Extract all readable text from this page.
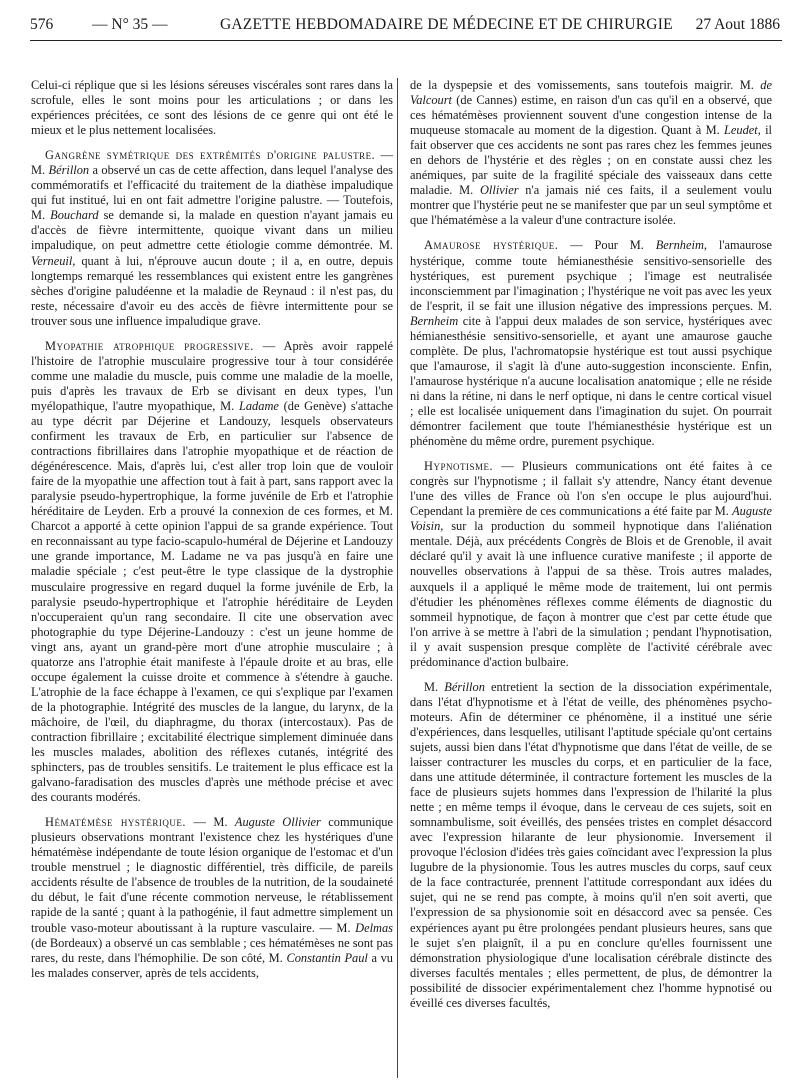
576	— N° 35 —	GAZETTE HEBDOMADAIRE DE MÉDECINE ET DE CHIRURGIE 27 Aout 1886

Celui-ci réplique que si les lésions séreuses viscérales sont rares dans la scrofule, elles le sont moins pour les articulations ; or dans les expériences précitées, ce sont des lésions de ce genre qui ont été le mieux et le plus nettement localisées.

Gangrène symétrique des extrémités d'origine palustre. — M. Bérillon a observé un cas de cette affection, dans lequel l'analyse des commémoratifs et l'efficacité du traitement de la diathèse impaludique qui fut institué, lui en ont fait admettre l'origine palustre. — Toutefois, M. Bouchard se demande si, la malade en question n'ayant jamais eu d'accès de fièvre intermittente, quoique vivant dans un milieu impaludique, on peut admettre cette étiologie comme démontrée. M. Verneuil, quant à lui, n'éprouve aucun doute ; il a, en outre, depuis longtemps remarqué les ressemblances qui existent entre les gangrènes sèches d'origine paludéenne et la maladie de Reynaud : il n'est pas, du reste, nécessaire d'avoir eu des accès de fièvre intermittente pour se trouver sous une influence impaludique grave.

Myopathie atrophique progressive. — Après avoir rappelé l'histoire de l'atrophie musculaire progressive tour à tour considérée comme une maladie du muscle, puis comme une maladie de la moelle, puis d'après les travaux de Erb se divisant en deux types, l'un myélopathique, l'autre myopathique, M. Ladame (de Genève) s'attache au type décrit par Déjerine et Landouzy, lesquels observateurs confirment les travaux de Erb, en particulier sur l'absence de contractions fibrillaires dans l'atrophie myopathique et de réaction de dégénérescence. Mais, d'après lui, c'est aller trop loin que de vouloir faire de la myopathie une affection tout à fait à part, sans rapport avec la paralysie pseudo-hypertrophique, la forme juvénile de Erb et l'atrophie héréditaire de Leyden. Erb a prouvé la connexion de ces formes, et M. Charcot a apporté à cette opinion l'appui de sa grande expérience. Tout en reconnaissant au type facio-scapulo-huméral de Déjerine et Landouzy une grande importance, M. Ladame ne va pas jusqu'à en faire une maladie spéciale ; c'est peut-être le type classique de la dystrophie musculaire progressive en regard duquel la forme juvénile de Erb, la paralysie pseudo-hypertrophique et l'atrophie héréditaire de Leyden n'occuperaient qu'un rang secondaire. Il cite une observation avec photographie du type Déjerine-Landouzy : c'est un jeune homme de vingt ans, ayant un grand-père mort d'une atrophie musculaire ; à quatorze ans l'atrophie était manifeste à l'épaule droite et au bras, elle occupe également la cuisse droite et commence à s'étendre à gauche. L'atrophie de la face échappe à l'examen, ce qui s'explique par l'examen de la photographie. Intégrité des muscles de la langue, du larynx, de la mâchoire, de l'œil, du diaphragme, du thorax (intercostaux). Pas de contraction fibrillaire ; excitabilité électrique simplement diminuée dans les muscles malades, abolition des réflexes cutanés, intégrité des sphincters, pas de troubles sensitifs. Le traitement le plus efficace est la galvano-faradisation des muscles d'après une méthode précise et avec des courants modérés.

Hématémèse hystérique. — M. Auguste Ollivier communique plusieurs observations montrant l'existence chez les hystériques d'une hématémèse indépendante de toute lésion organique de l'estomac et d'un trouble menstruel ; le diagnostic différentiel, très difficile, de pareils accidents résulte de l'absence de troubles de la nutrition, de la soudaineté du début, le fait d'une récente commotion nerveuse, le rétablissement rapide de la santé ; quant à la pathogénie, il faut admettre simplement un trouble vaso-moteur aboutissant à la rupture vasculaire. — M. Delmas (de Bordeaux) a observé un cas semblable ; ces hématémèses ne sont pas rares, du reste, dans l'hémophilie. De son côté, M. Constantin Paul a vu les malades conserver, après de tels accidents,

de la dyspepsie et des vomissements, sans toutefois maigrir. M. de Valcourt (de Cannes) estime, en raison d'un cas qu'il en a observé, que ces hématémèses proviennent souvent d'une congestion intense de la muqueuse stomacale au moment de la digestion. Quant à M. Leudet, il fait observer que ces accidents ne sont pas rares chez les femmes jeunes en dehors de l'hystérie et des règles ; on en constate aussi chez les anémiques, par suite de la fragilité spéciale des vaisseaux dans cette maladie. M. Ollivier n'a jamais nié ces faits, il a seulement voulu montrer que l'hystérie peut ne se manifester que par un seul symptôme et que l'hématémèse a la valeur d'une contracture isolée.

Amaurose hystérique. — Pour M. Bernheim, l'amaurose hystérique, comme toute hémianesthésie sensitivo-sensorielle des hystériques, est purement psychique ; l'image est neutralisée inconsciemment par l'imagination ; l'hystérique ne voit pas avec les yeux de l'esprit, il se fait une illusion négative des impressions perçues. M. Bernheim cite à l'appui deux malades de son service, hystériques avec hémianesthésie sensitivo-sensorielle, et ayant une amaurose gauche complète. De plus, l'achromatopsie hystérique est tout aussi psychique que l'amaurose, il s'agit là d'une auto-suggestion inconsciente. Enfin, l'amaurose hystérique n'a aucune localisation anatomique ; elle ne réside ni dans la rétine, ni dans le nerf optique, ni dans le centre cortical visuel ; elle est localisée uniquement dans l'imagination du sujet. On pourrait démontrer facilement que toute l'hémianesthésie hystérique est un phénomène du même ordre, purement psychique.

Hypnotisme. — Plusieurs communications ont été faites à ce congrès sur l'hypnotisme ; il fallait s'y attendre, Nancy étant devenue l'une des villes de France où l'on s'en occupe le plus aujourd'hui. Cependant la première de ces communications a été faite par M. Auguste Voisin, sur la production du sommeil hypnotique dans l'aliénation mentale. Déjà, aux précédents Congrès de Blois et de Grenoble, il avait déclaré qu'il y avait là une influence curative manifeste ; il apporte de nouvelles observations à l'appui de sa thèse. Trois autres malades, auxquels il a appliqué le même mode de traitement, lui ont permis d'étudier les phénomènes réflexes comme éléments de diagnostic du sommeil hypnotique, de façon à montrer que c'est par cette étude que l'on arrive à se mettre à l'abri de la simulation ; pendant l'hypnotisation, il y avait suspension presque complète de l'activité cérébrale avec prédominance d'action bulbaire.

M. Bérillon entretient la section de la dissociation expérimentale, dans l'état d'hypnotisme et à l'état de veille, des phénomènes psycho-moteurs. Afin de déterminer ce phénomène, il a institué une série d'expériences, dans lesquelles, utilisant l'aptitude spéciale qu'ont certains sujets, aussi bien dans l'état d'hypnotisme que dans l'état de veille, de se laisser contracturer les muscles du corps, et en particulier de la face, dans une attitude déterminée, il contracture fortement les muscles de la face de plusieurs sujets hommes dans l'expression de l'hilarité la plus nette ; en même temps il évoque, dans le cerveau de ces sujets, soit en somnambulisme, soit éveillés, des pensées tristes en complet désaccord avec l'expression hilarante de leur physionomie. Inversement il provoque l'éclosion d'idées très gaies coïncidant avec l'expression la plus lugubre de la physionomie. Tous les autres muscles du corps, sauf ceux de la face contracturée, prennent l'attitude correspondant aux idées du sujet, qui ne se rend pas compte, à moins qu'il n'en soit averti, que l'expression de sa physionomie soit en désaccord avec sa pensée. Ces expériences ayant pu être prolongées pendant plusieurs heures, sans que le sujet s'en plaignît, il a pu en conclure qu'elles fournissent une démonstration physiologique d'une localisation cérébrale distincte des diverses facultés mentales ; elles permettent, de plus, de démontrer la possibilité de dissocier expérimentalement chez l'homme hypnotisé ou éveillé ces diverses facultés,
